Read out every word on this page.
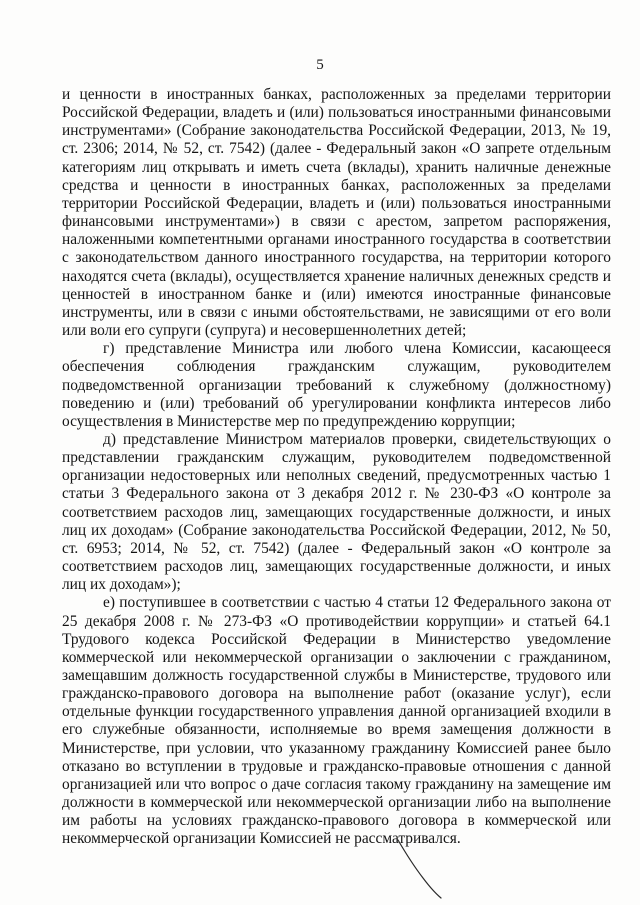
5

и ценности в иностранных банках, расположенных за пределами территории Российской Федерации, владеть и (или) пользоваться иностранными финансовыми инструментами» (Собрание законодательства Российской Федерации, 2013, № 19, ст. 2306; 2014, № 52, ст. 7542) (далее - Федеральный закон «О запрете отдельным категориям лиц открывать и иметь счета (вклады), хранить наличные денежные средства и ценности в иностранных банках, расположенных за пределами территории Российской Федерации, владеть и (или) пользоваться иностранными финансовыми инструментами») в связи с арестом, запретом распоряжения, наложенными компетентными органами иностранного государства в соответствии с законодательством данного иностранного государства, на территории которого находятся счета (вклады), осуществляется хранение наличных денежных средств и ценностей в иностранном банке и (или) имеются иностранные финансовые инструменты, или в связи с иными обстоятельствами, не зависящими от его воли или воли его супруги (супруга) и несовершеннолетних детей;

г) представление Министра или любого члена Комиссии, касающееся обеспечения соблюдения гражданским служащим, руководителем подведомственной организации требований к служебному (должностному) поведению и (или) требований об урегулировании конфликта интересов либо осуществления в Министерстве мер по предупреждению коррупции;

д) представление Министром материалов проверки, свидетельствующих о представлении гражданским служащим, руководителем подведомственной организации недостоверных или неполных сведений, предусмотренных частью 1 статьи 3 Федерального закона от 3 декабря 2012 г. № 230-ФЗ «О контроле за соответствием расходов лиц, замещающих государственные должности, и иных лиц их доходам» (Собрание законодательства Российской Федерации, 2012, № 50, ст. 6953; 2014, № 52, ст. 7542) (далее - Федеральный закон «О контроле за соответствием расходов лиц, замещающих государственные должности, и иных лиц их доходам»);

е) поступившее в соответствии с частью 4 статьи 12 Федерального закона от 25 декабря 2008 г. № 273-ФЗ «О противодействии коррупции» и статьей 64.1 Трудового кодекса Российской Федерации в Министерство уведомление коммерческой или некоммерческой организации о заключении с гражданином, замещавшим должность государственной службы в Министерстве, трудового или гражданско-правового договора на выполнение работ (оказание услуг), если отдельные функции государственного управления данной организацией входили в его служебные обязанности, исполняемые во время замещения должности в Министерстве, при условии, что указанному гражданину Комиссией ранее было отказано во вступлении в трудовые и гражданско-правовые отношения с данной организацией или что вопрос о даче согласия такому гражданину на замещение им должности в коммерческой или некоммерческой организации либо на выполнение им работы на условиях гражданско-правового договора в коммерческой или некоммерческой организации Комиссией не рассматривался.
